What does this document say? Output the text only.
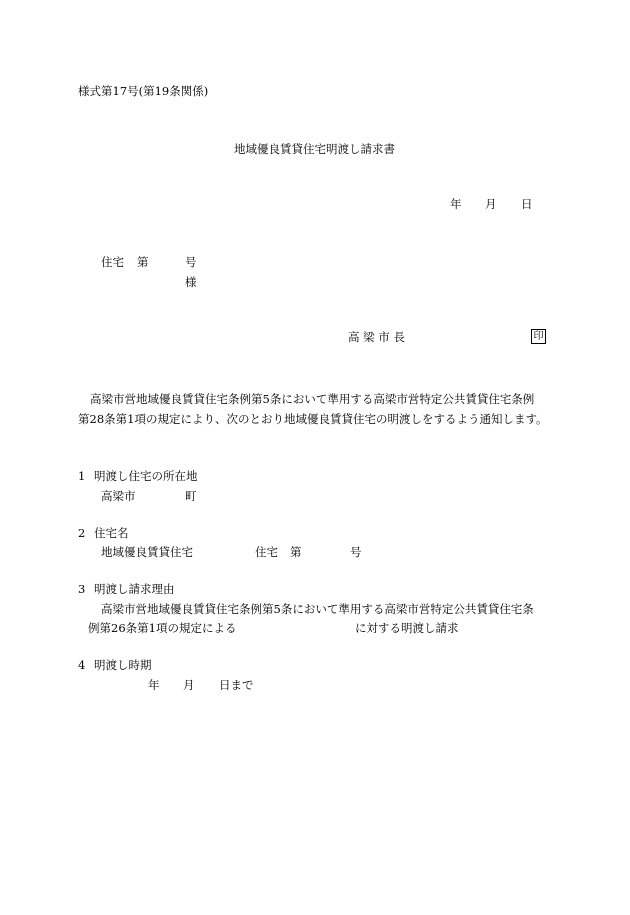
様式第17号(第19条関係)
地域優良賃貸住宅明渡し請求書
年 月 日
住宅 第	号
様
高 梁 市 長	印
高梁市営地域優良賃貸住宅条例第5条において準用する高梁市営特定公共賃貸住宅条例
第28条第1項の規定により、次のとおり地域優良賃貸住宅の明渡しをするよう通知します。
1 明渡し住宅の所在地
高梁市	町
2 住宅名
地域優良賃貸住宅	住宅 第	号
3 明渡し請求理由
高梁市営地域優良賃貸住宅条例第5条において準用する高梁市営特定公共賃貸住宅条
例第26条第1項の規定による	に対する明渡し請求
4 明渡し時期
年 月 日まで
